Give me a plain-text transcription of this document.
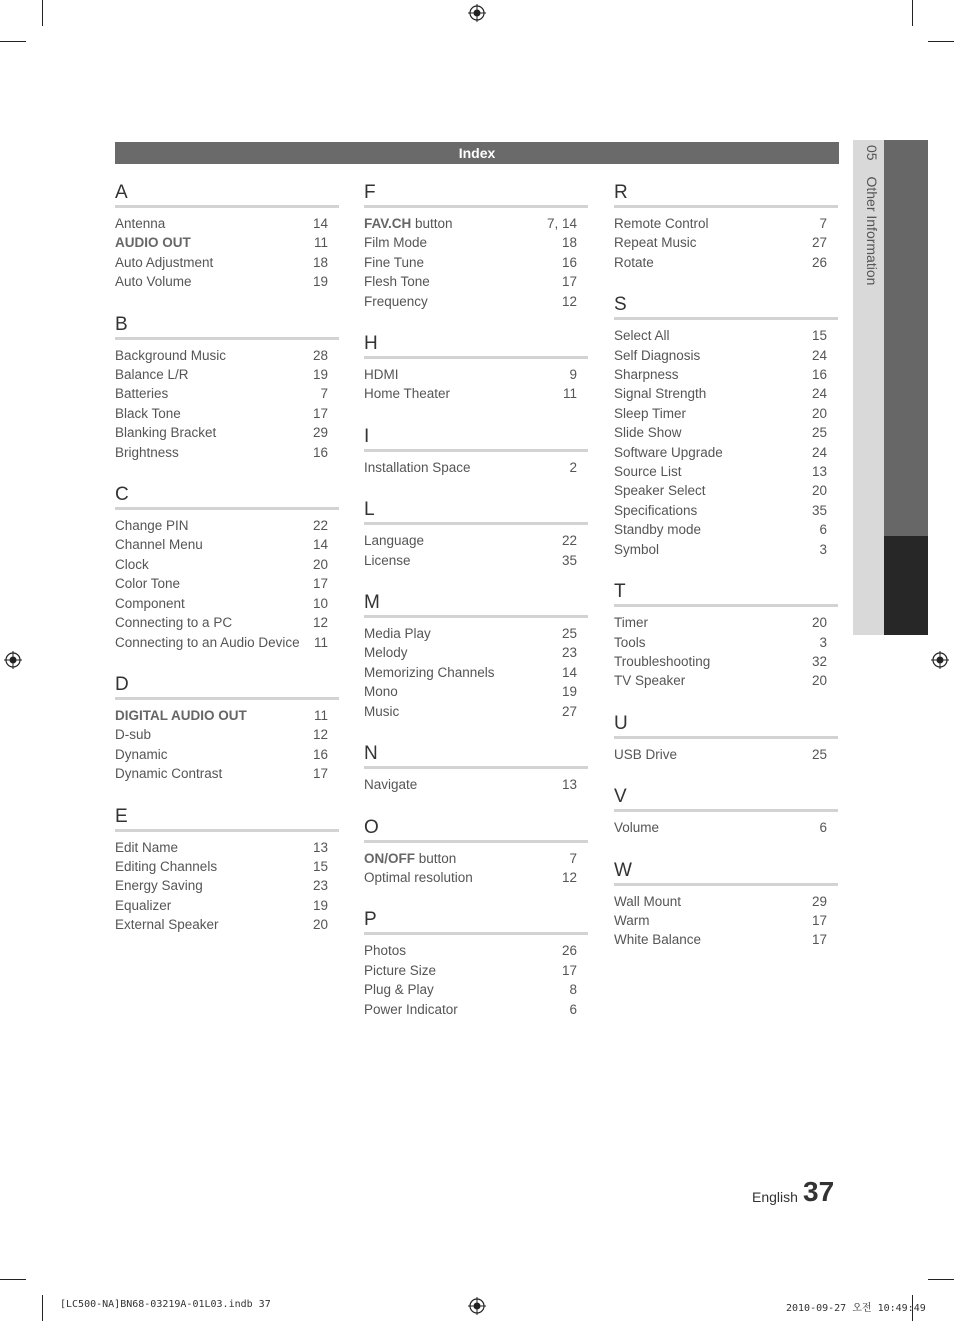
Index	05 Other Information
A
Antenna	14
AUDIO OUT	11
Auto Adjustment	18
Auto Volume	19
B
Background Music	28
Balance L/R	19
Batteries	7
Black Tone	17
Blanking Bracket	29
Brightness	16
C
Change PIN	22
Channel Menu	14
Clock	20
Color Tone	17
Component	10
Connecting to a PC	12
Connecting to an Audio Device 11
D
DIGITAL AUDIO OUT	11
D-sub	12
Dynamic	16
Dynamic Contrast	17
E
Edit Name	13
Editing Channels	15
Energy Saving	23
Equalizer	19
External Speaker	20
F
FAV.CH button	7, 14
Film Mode	18
Fine Tune	16
Flesh Tone	17
Frequency	12
H
HDMI	9
Home Theater	11
I
Installation Space	2
L
Language	22
License	35
M
Media Play	25
Melody	23
Memorizing Channels	14
Mono	19
Music	27
N
Navigate	13
O
ON/OFF button	7
Optimal resolution	12
P
Photos	26
Picture Size	17
Plug & Play	8
Power Indicator	6
R
Remote Control	7
Repeat Music	27
Rotate	26
S
Select All	15
Self Diagnosis	24
Sharpness	16
Signal Strength	24
Sleep Timer	20
Slide Show	25
Software Upgrade	24
Source List	13
Speaker Select	20
Specifications	35
Standby mode	6
Symbol	3
T
Timer	20
Tools	3
Troubleshooting	32
TV Speaker	20
U
USB Drive	25
V
Volume	6
W
Wall Mount	29
Warm	17
White Balance	17
English 37
[LC500-NA]BN68-03219A-01L03.indb 37	2010-09-27 오전 10:49:49
